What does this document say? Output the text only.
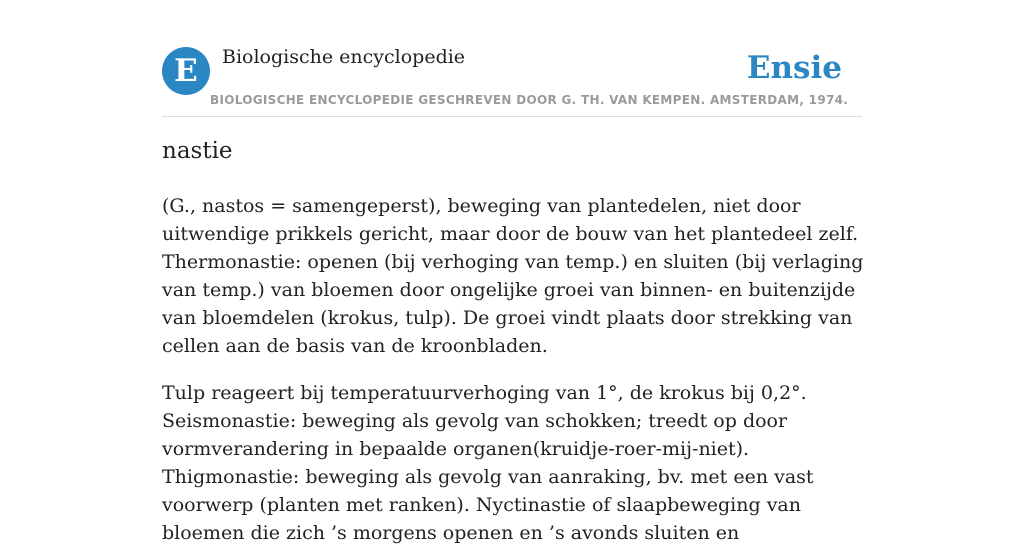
E	Biologische encyclopedie	Ensie
BIOLOGISCHE ENCYCLOPEDIE GESCHREVEN DOOR G. TH. VAN KEMPEN. AMSTERDAM, 1974.
nastie

(G., nastos = samengeperst), beweging van plantedelen, niet door uitwendige prikkels gericht, maar door de bouw van het plantedeel zelf. Thermonastie: openen (bij verhoging van temp.) en sluiten (bij verlaging van temp.) van bloemen door ongelijke groei van binnen- en buitenzijde van bloemdelen (krokus, tulp). De groei vindt plaats door strekking van cellen aan de basis van de kroonbladen.

Tulp reageert bij temperatuurverhoging van 1°, de krokus bij 0,2°. Seismonastie: beweging als gevolg van schokken; treedt op door vormverandering in bepaalde organen(kruidje-roer-mij-niet). Thigmonastie: beweging als gevolg van aanraking, bv. met een vast voorwerp (planten met ranken). Nyctinastie of slaapbeweging van bloemen die zich ’s morgens openen en ’s avonds sluiten en
